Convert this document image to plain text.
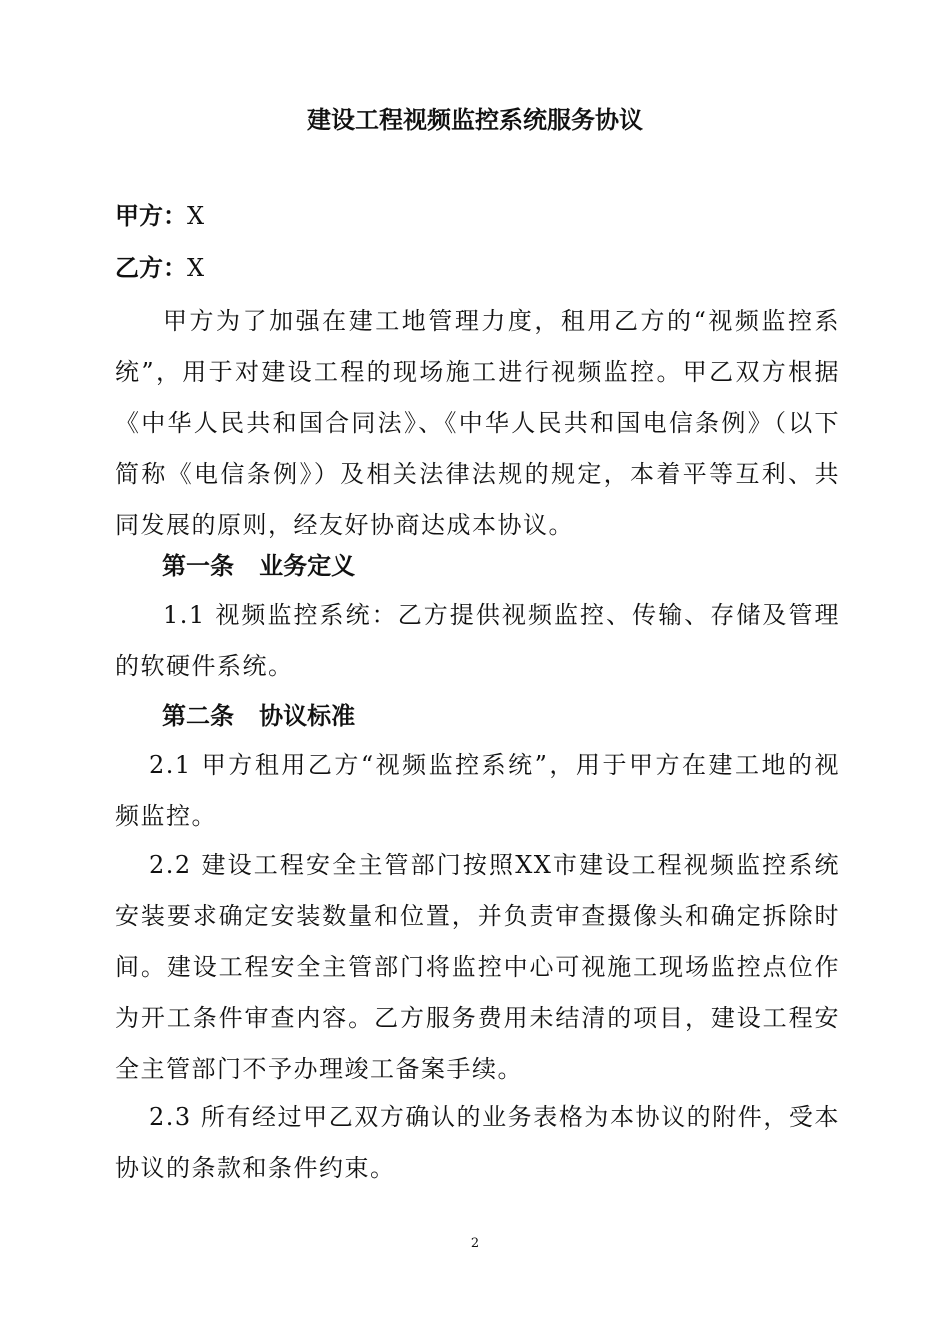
建设工程视频监控系统服务协议
甲方：X
乙方：X

甲方为了加强在建工地管理力度，租用乙方的“视频监控系统”，用于对建设工程的现场施工进行视频监控。甲乙双方根据《中华人民共和国合同法》、《中华人民共和国电信条例》（以下简称《电信条例》）及相关法律法规的规定，本着平等互利、共同发展的原则，经友好协商达成本协议。

第一条   业务定义

1.1 视频监控系统：乙方提供视频监控、传输、存储及管理的软硬件系统。

第二条   协议标准

2.1 甲方租用乙方“视频监控系统”，用于甲方在建工地的视频监控。

2.2 建设工程安全主管部门按照XX市建设工程视频监控系统安装要求确定安装数量和位置，并负责审查摄像头和确定拆除时间。建设工程安全主管部门将监控中心可视施工现场监控点位作为开工条件审查内容。乙方服务费用未结清的项目，建设工程安全主管部门不予办理竣工备案手续。

2.3 所有经过甲乙双方确认的业务表格为本协议的附件，受本协议的条款和条件约束。

2
